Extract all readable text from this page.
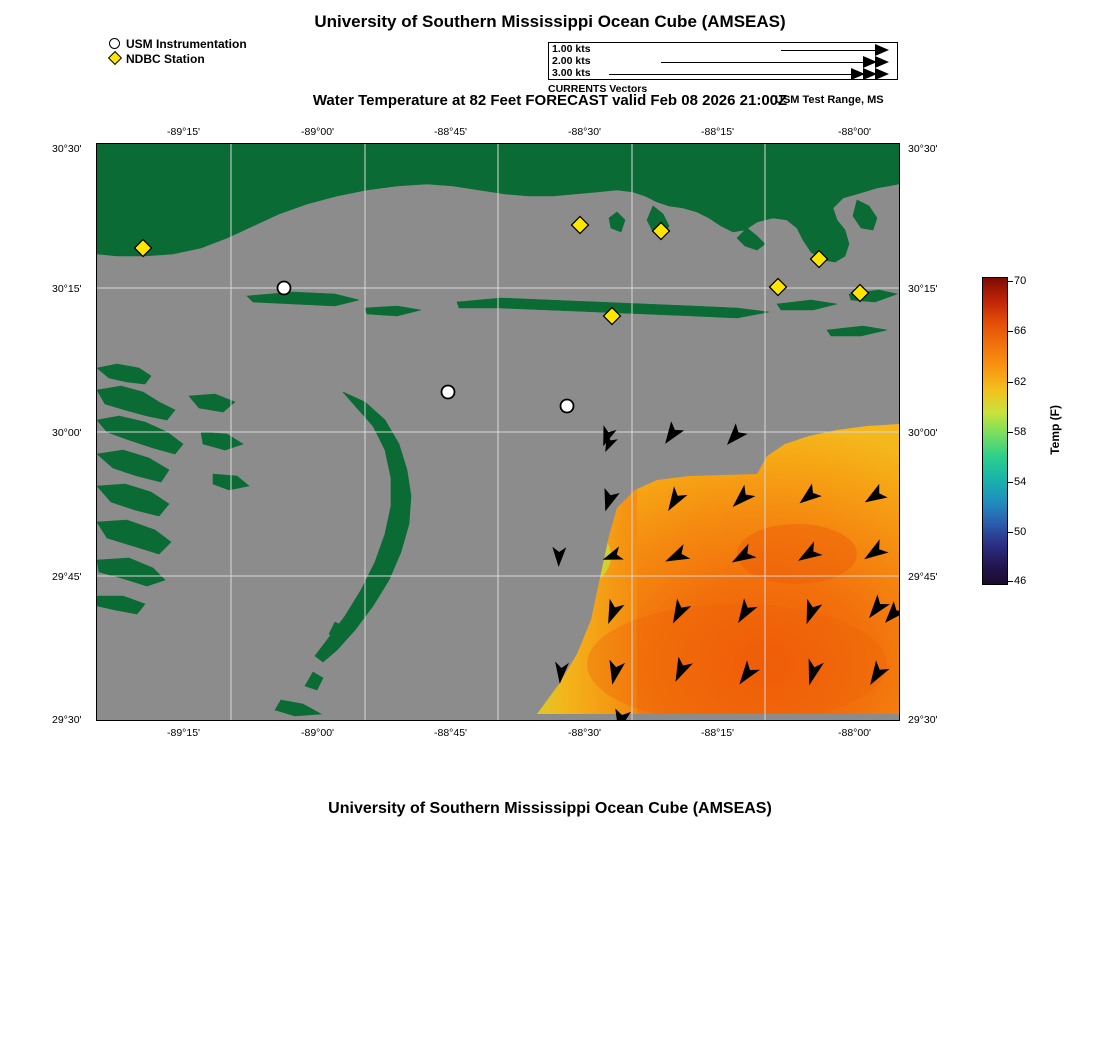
University of Southern Mississippi Ocean Cube (AMSEAS)
Water Temperature at 82 Feet FORECAST valid Feb 08 2026 21:00Z
USM Test Range, MS
University of Southern Mississippi Ocean Cube (AMSEAS)
USM Instrumentation
NDBC Station
1.00 kts
2.00 kts
3.00 kts
CURRENTS Vectors
30°30'
30°15'
30°00'
29°45'
29°30'
30°30'
30°15'
30°00'
29°45'
29°30'
-89°15'	-89°00'	-88°45'	-88°30'	-88°15'	-88°00'
-89°15'	-89°00'	-88°45'	-88°30'	-88°15'	-88°00'
70
66
62
58
54
50
46
Temp (F)
